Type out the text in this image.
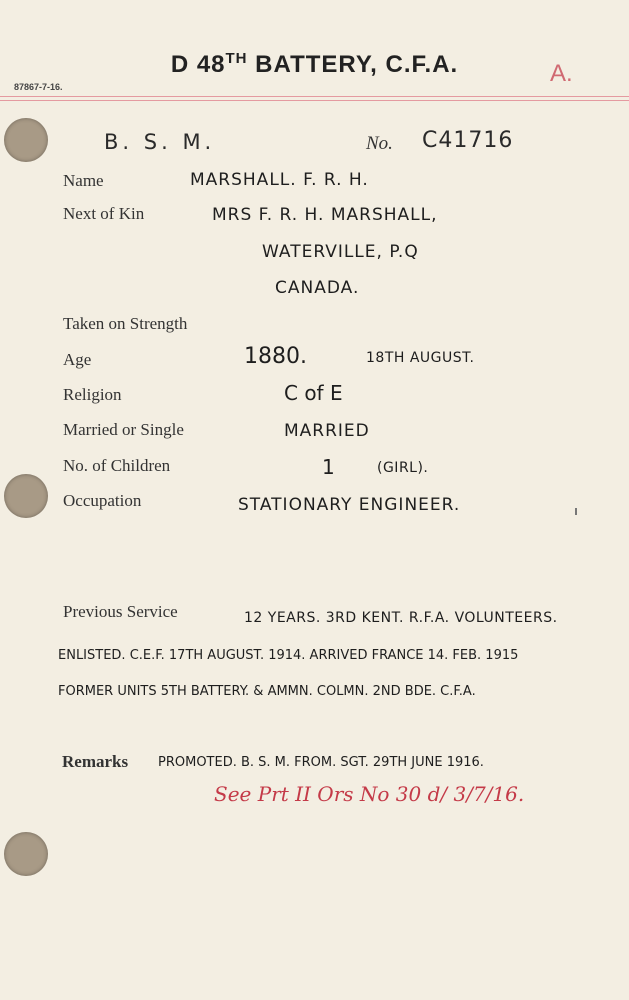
D 48TH BATTERY, C.F.A.
87867-7-16.	A.
B. S. M.	No. C41716
Name	MARSHALL. F. R. H.
Next of Kin	MRS F. R. H. MARSHALL,
WATERVILLE, P.Q
CANADA.
Taken on Strength
Age	1880.	18TH AUGUST.
Religion	C of E
Married or Single	MARRIED
No. of Children	1	(GIRL).
Occupation	STATIONARY ENGINEER.
Previous Service	12 YEARS. 3RD KENT. R.F.A. VOLUNTEERS.
ENLISTED. C.E.F. 17TH AUGUST. 1914. ARRIVED FRANCE 14. FEB. 1915
FORMER UNITS 5TH BATTERY. & AMMN. COLMN. 2ND BDE. C.F.A.
Remarks PROMOTED. B. S. M. FROM. SGT. 29TH JUNE 1916.
See Prt II Ors No 30 d/ 3/7/16.
